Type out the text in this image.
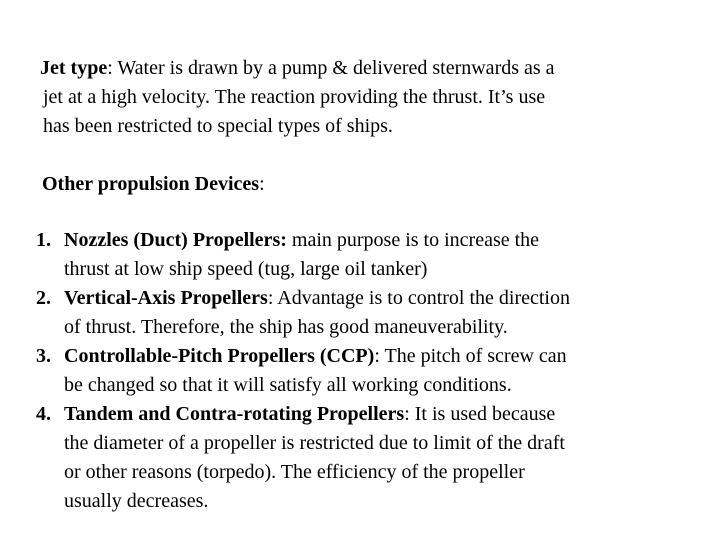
Jet type: Water is drawn by a pump & delivered sternwards as a
jet at a high velocity. The reaction providing the thrust. It’s use
has been restricted to special types of ships.
Other propulsion Devices:
1. Nozzles (Duct) Propellers: main purpose is to increase the
thrust at low ship speed (tug, large oil tanker)
2. Vertical-Axis Propellers: Advantage is to control the direction
of thrust. Therefore, the ship has good maneuverability.
3. Controllable-Pitch Propellers (CCP): The pitch of screw can
be changed so that it will satisfy all working conditions.
4. Tandem and Contra-rotating Propellers: It is used because
the diameter of a propeller is restricted due to limit of the draft
or other reasons (torpedo). The efficiency of the propeller
usually decreases.
